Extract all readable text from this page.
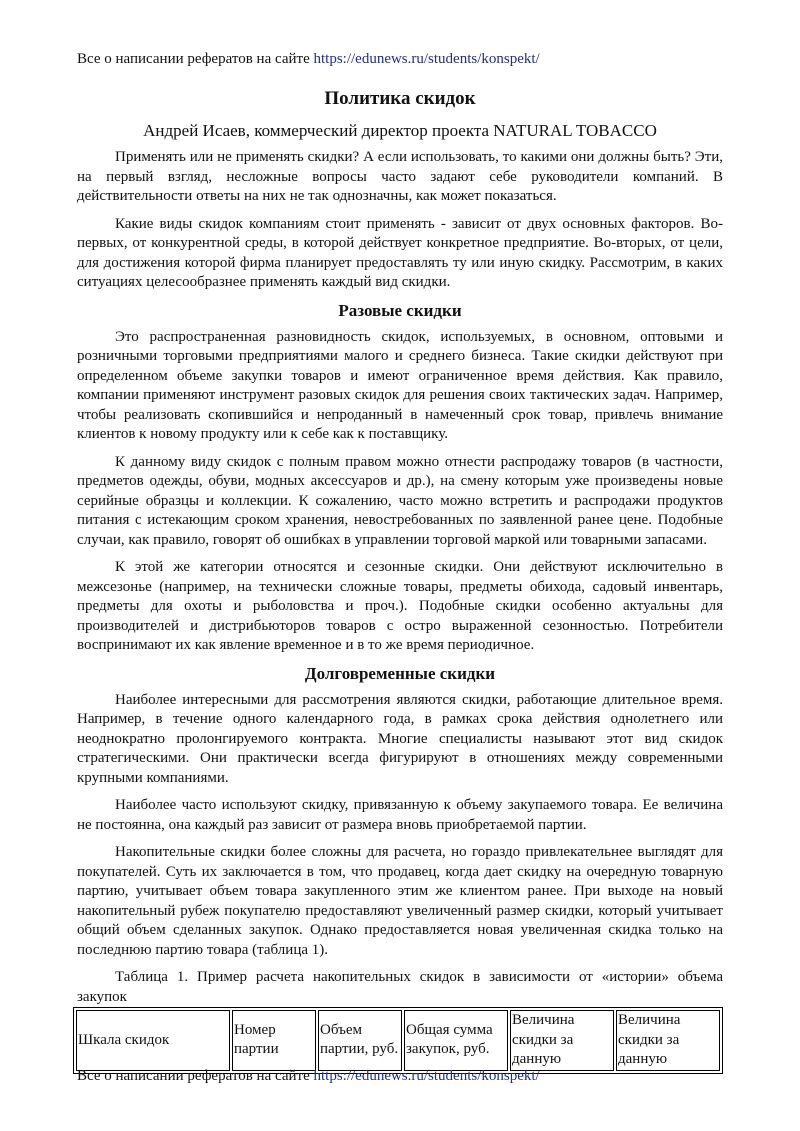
Все о написании рефератов на сайте https://edunews.ru/students/konspekt/
Политика скидок
Андрей Исаев, коммерческий директор проекта NATURAL TOBACCO

Применять или не применять скидки? А если использовать, то какими они должны быть? Эти, на первый взгляд, несложные вопросы часто задают себе руководители компаний. В действительности ответы на них не так однозначны, как может показаться.

Какие виды скидок компаниям стоит применять - зависит от двух основных факторов. Во-первых, от конкурентной среды, в которой действует конкретное предприятие. Во-вторых, от цели, для достижения которой фирма планирует предоставлять ту или иную скидку. Рассмотрим, в каких ситуациях целесообразнее применять каждый вид скидки.

Разовые скидки

Это распространенная разновидность скидок, используемых, в основном, оптовыми и розничными торговыми предприятиями малого и среднего бизнеса. Такие скидки действуют при определенном объеме закупки товаров и имеют ограниченное время действия. Как правило, компании применяют инструмент разовых скидок для решения своих тактических задач. Например, чтобы реализовать скопившийся и непроданный в намеченный срок товар, привлечь внимание клиентов к новому продукту или к себе как к поставщику.

К данному виду скидок с полным правом можно отнести распродажу товаров (в частности, предметов одежды, обуви, модных аксессуаров и др.), на смену которым уже произведены новые серийные образцы и коллекции. К сожалению, часто можно встретить и распродажи продуктов питания с истекающим сроком хранения, невостребованных по заявленной ранее цене. Подобные случаи, как правило, говорят об ошибках в управлении торговой маркой или товарными запасами.

К этой же категории относятся и сезонные скидки. Они действуют исключительно в межсезонье (например, на технически сложные товары, предметы обихода, садовый инвентарь, предметы для охоты и рыболовства и проч.). Подобные скидки особенно актуальны для производителей и дистрибьюторов товаров с остро выраженной сезонностью. Потребители воспринимают их как явление временное и в то же время периодичное.

Долговременные скидки

Наиболее интересными для рассмотрения являются скидки, работающие длительное время. Например, в течение одного календарного года, в рамках срока действия однолетнего или неоднократно пролонгируемого контракта. Многие специалисты называют этот вид скидок стратегическими. Они практически всегда фигурируют в отношениях между современными крупными компаниями.

Наиболее часто используют скидку, привязанную к объему закупаемого товара. Ее величина не постоянна, она каждый раз зависит от размера вновь приобретаемой партии.

Накопительные скидки более сложны для расчета, но гораздо привлекательнее выглядят для покупателей. Суть их заключается в том, что продавец, когда дает скидку на очередную товарную партию, учитывает объем товара закупленного этим же клиентом ранее. При выходе на новый накопительный рубеж покупателю предоставляют увеличенный размер скидки, который учитывает общий объем сделанных закупок. Однако предоставляется новая увеличенная скидка только на последнюю партию товара (таблица 1).

Таблица 1. Пример расчета накопительных скидок в зависимости от «истории» объема закупок

Шкала скидок	Номер партии	Объем партии, руб.	Общая сумма закупок, руб.	Величина скидки за данную	Величина скидки за данную
Все о написании рефератов на сайте https://edunews.ru/students/konspekt/
